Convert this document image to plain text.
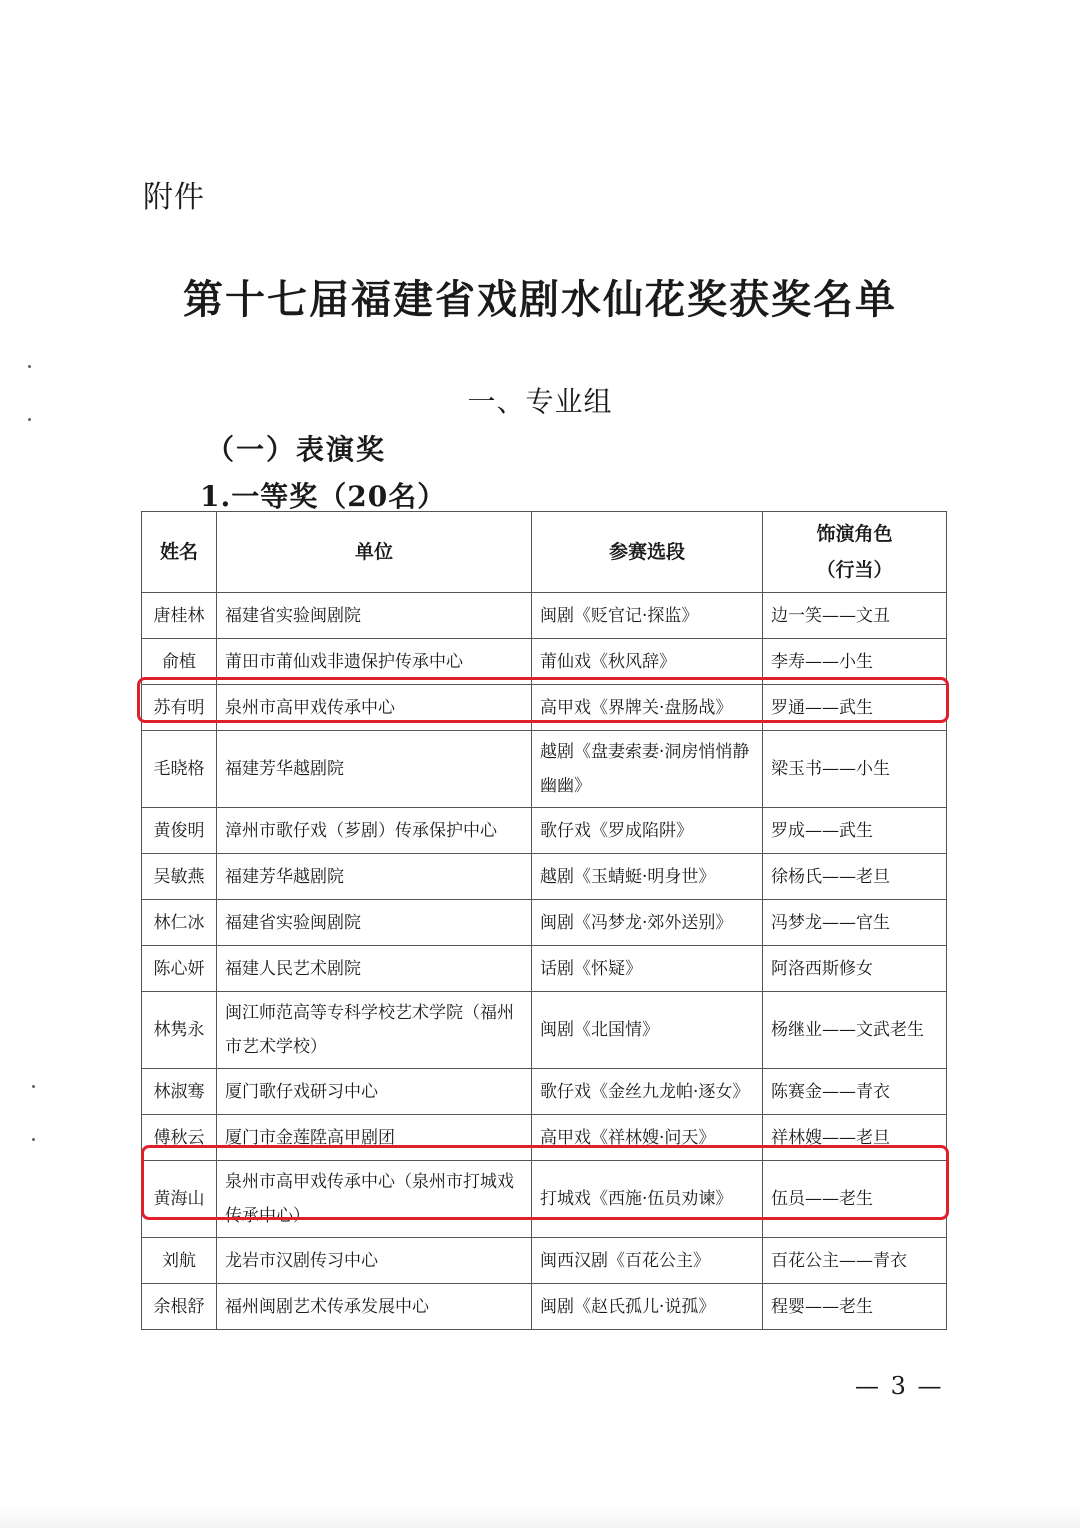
附件
第十七届福建省戏剧水仙花奖获奖名单
一、专业组
（一）表演奖
1.一等奖（20名）
姓名	单位	参赛选段	饰演角色
（行当）

唐桂林	福建省实验闽剧院	闽剧《贬官记·探监》	边一笑——文丑
俞植	莆田市莆仙戏非遗保护传承中心	莆仙戏《秋风辞》	李寿——小生
苏有明	泉州市高甲戏传承中心	高甲戏《界牌关·盘肠战》	罗通——武生
毛晓格	福建芳华越剧院	越剧《盘妻索妻·洞房悄悄静幽幽》	梁玉书——小生
黄俊明	漳州市歌仔戏（芗剧）传承保护中心	歌仔戏《罗成陷阱》	罗成——武生
吴敏燕	福建芳华越剧院	越剧《玉蜻蜓·明身世》	徐杨氏——老旦
林仁冰	福建省实验闽剧院	闽剧《冯梦龙·郊外送别》	冯梦龙——官生
陈心妍	福建人民艺术剧院	话剧《怀疑》	阿洛西斯修女
林隽永	闽江师范高等专科学校艺术学院（福州市艺术学校）	闽剧《北国情》	杨继业——文武老生
林淑骞	厦门歌仔戏研习中心	歌仔戏《金丝九龙帕·逐女》	陈赛金——青衣
傅秋云	厦门市金莲陞高甲剧团	高甲戏《祥林嫂·问天》	祥林嫂——老旦
黄海山	泉州市高甲戏传承中心（泉州市打城戏传承中心）	打城戏《西施·伍员劝谏》	伍员——老生
刘航	龙岩市汉剧传习中心	闽西汉剧《百花公主》	百花公主——青衣
余根舒	福州闽剧艺术传承发展中心	闽剧《赵氏孤儿·说孤》	程婴——老生
— 3 —
